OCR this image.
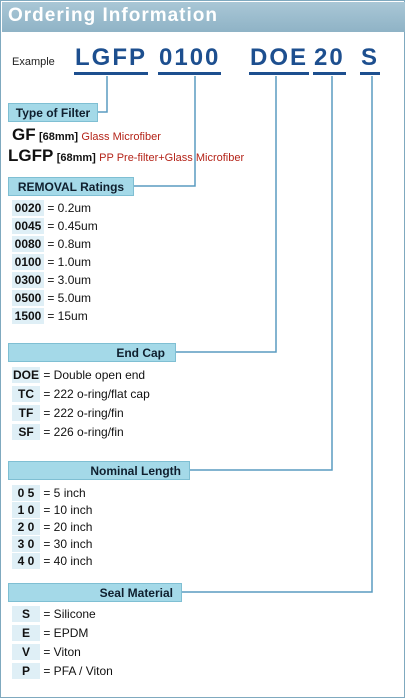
Ordering Information
Example LGFP 0100 DOE 20 S
Type of Filter
GF [68mm] Glass Microfiber
LGFP [68mm] PP Pre-filter+Glass Microfiber
REMOVAL Ratings
0020 = 0.2um
0045 = 0.45um
0080 = 0.8um
0100 = 1.0um
0300 = 3.0um
0500 = 5.0um
1500 = 15um
End Cap
DOE = Double open end
TC = 222 o-ring/flat cap
TF = 222 o-ring/fin
SF = 226 o-ring/fin
Nominal Length
0 5 = 5 inch
1 0 = 10 inch
2 0 = 20 inch
3 0 = 30 inch
4 0 = 40 inch
Seal Material
S = Silicone
E = EPDM
V = Viton
P = PFA / Viton
